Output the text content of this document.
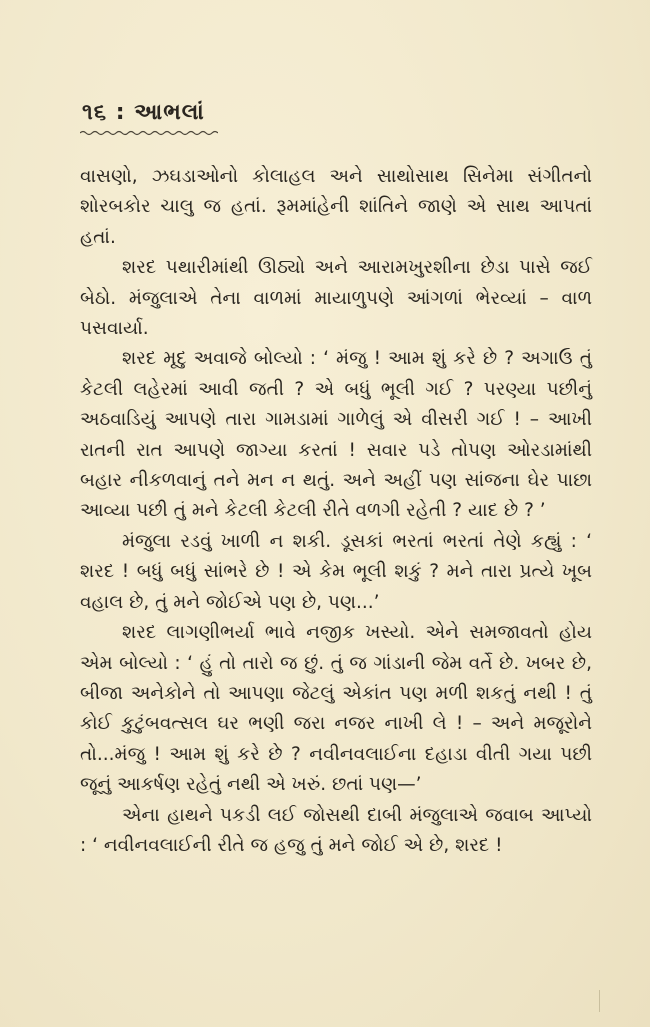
૧૬ : આભલાં

વાસણો, ઝઘડાઓનો કોલાહલ અને સાથોસાથ સિનેમા સંગીતનો શોરબકોર ચાલુ જ હતાં. રૂમમાંહેની શાંતિને જાણે એ સાથ આપતાં હતાં.

શરદ પથારીમાંથી ઊઠ્યો અને આરામખુરશીના છેડા પાસે જઈ બેઠો. મંજુલાએ તેના વાળમાં માયાળુપણે આંગળાં ભેરવ્યાં – વાળ પસવાર્યા.

શરદ મૃદુ અવાજે બોલ્યો : ‘ મંજુ ! આમ શું કરે છે ? અગાઉ તું કેટલી લહેરમાં આવી જતી ? એ બધું ભૂલી ગઈ ? પરણ્યા પછીનું અઠવાડિયું આપણે તારા ગામડામાં ગાળેલું એ વીસરી ગઈ ! – આખી રાતની રાત આપણે જાગ્યા કરતાં ! સવાર પડે તોપણ ઓરડામાંથી બહાર નીકળવાનું તને મન ન થતું. અને અહીં પણ સાંજના ઘેર પાછા આવ્યા પછી તું મને કેટલી કેટલી રીતે વળગી રહેતી ? યાદ છે ? ’

મંજુલા રડવું ખાળી ન શકી. ડૂસકાં ભરતાં ભરતાં તેણે કહ્યું : ‘ શરદ ! બધું બધું સાંભરે છે ! એ કેમ ભૂલી શકું ? મને તારા પ્રત્યે ખૂબ વહાલ છે, તું મને જોઈએ પણ છે, પણ...’

શરદ લાગણીભર્યા ભાવે નજીક ખસ્યો. એને સમજાવતો હોય એમ બોલ્યો : ‘ હું તો તારો જ છું. તું જ ગાંડાની જેમ વર્તે છે. ખબર છે, બીજા અનેકોને તો આપણા જેટલું એકાંત પણ મળી શકતું નથી ! તું કોઈ કુટુંબવત્સલ ઘર ભણી જરા નજર નાખી લે ! – અને મજૂરોને તો...મંજુ ! આમ શું કરે છે ? નવીનવલાઈના દહાડા વીતી ગયા પછી જૂનું આકર્ષણ રહેતું નથી એ ખરું. છતાં પણ—’

એના હાથને પકડી લઈ જોસથી દાબી મંજુલાએ જવાબ આપ્યો : ‘ નવીનવલાઈની રીતે જ હજુ તું મને જોઈ એ છે, શરદ !
